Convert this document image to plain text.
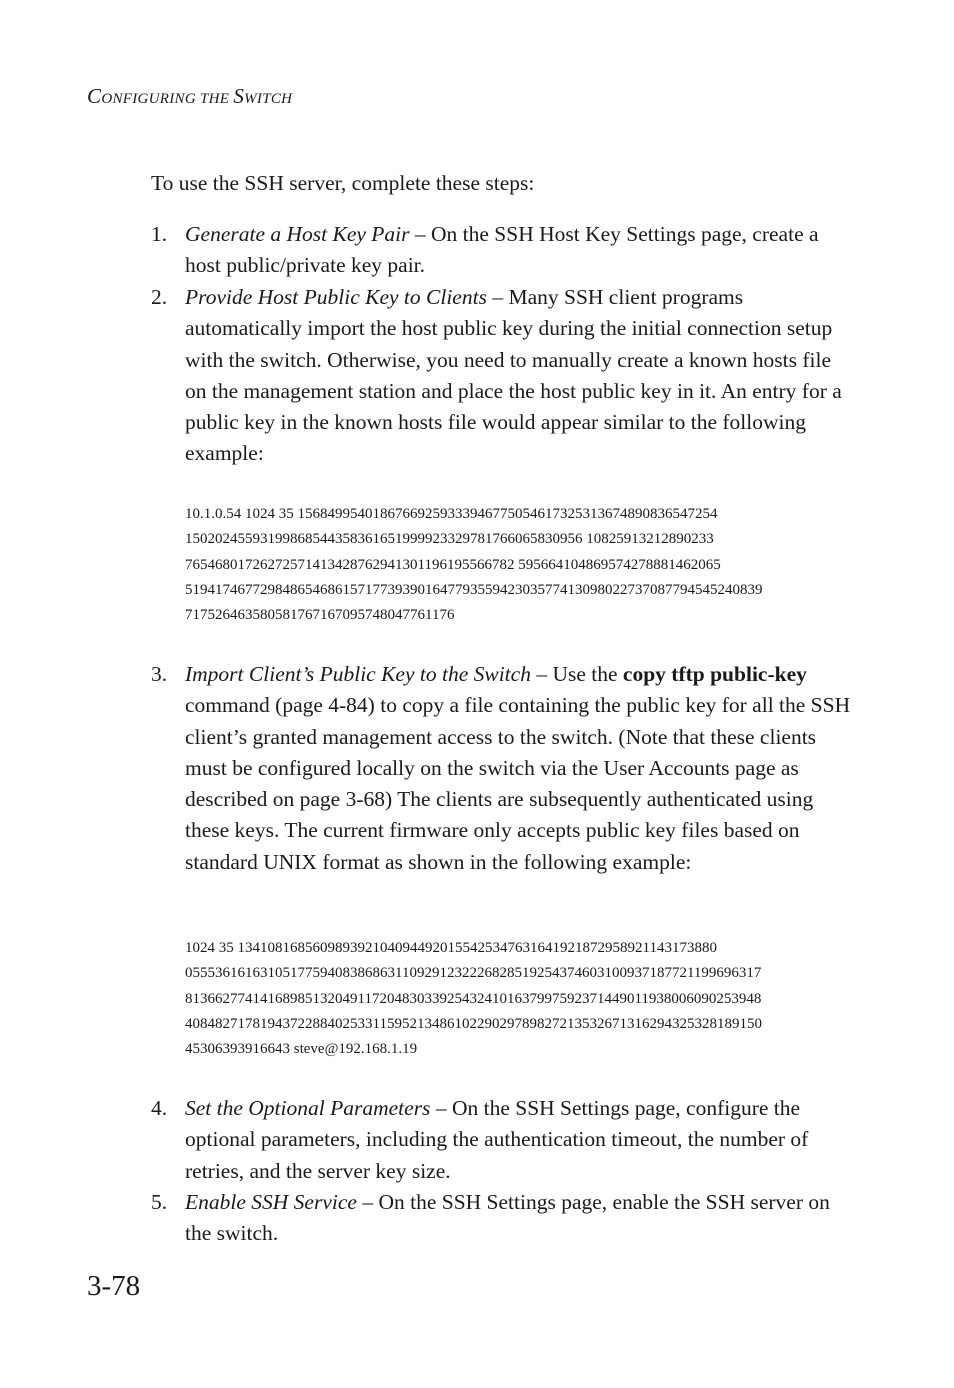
CONFIGURING THE SWITCH

To use the SSH server, complete these steps:

1. Generate a Host Key Pair – On the SSH Host Key Settings page, create a host public/private key pair.
2. Provide Host Public Key to Clients – Many SSH client programs automatically import the host public key during the initial connection setup with the switch. Otherwise, you need to manually create a known hosts file on the management station and place the host public key in it. An entry for a public key in the known hosts file would appear similar to the following example:
10.1.0.54 1024 35 15684995401867669259333946775054617325313674890836547254
15020245593199868544358361651999923329781766065830956 10825913212890233
76546801726272571413428762941301196195566782 595664104869574278881462065
51941746772984865468615717739390164779355942303577413098022737087794545240839
717526463580581767167095748047761176
3. Import Client’s Public Key to the Switch – Use the copy tftp public-key command (page 4-84) to copy a file containing the public key for all the SSH client’s granted management access to the switch. (Note that these clients must be configured locally on the switch via the User Accounts page as described on page 3-68) The clients are subsequently authenticated using these keys. The current firmware only accepts public key files based on standard UNIX format as shown in the following example:
1024 35 1341081685609893921040944920155425347631641921872958921143173880
05553616163105177594083868631109291232226828519254374603100937187721199696317
81366277414168985132049117204830339254324101637997592371449011938006090253948
40848271781943722884025331159521348610229029789827213532671316294325328189150
45306393916643 steve@192.168.1.19
4. Set the Optional Parameters – On the SSH Settings page, configure the optional parameters, including the authentication timeout, the number of retries, and the server key size.
5. Enable SSH Service – On the SSH Settings page, enable the SSH server on the switch.
3-78
